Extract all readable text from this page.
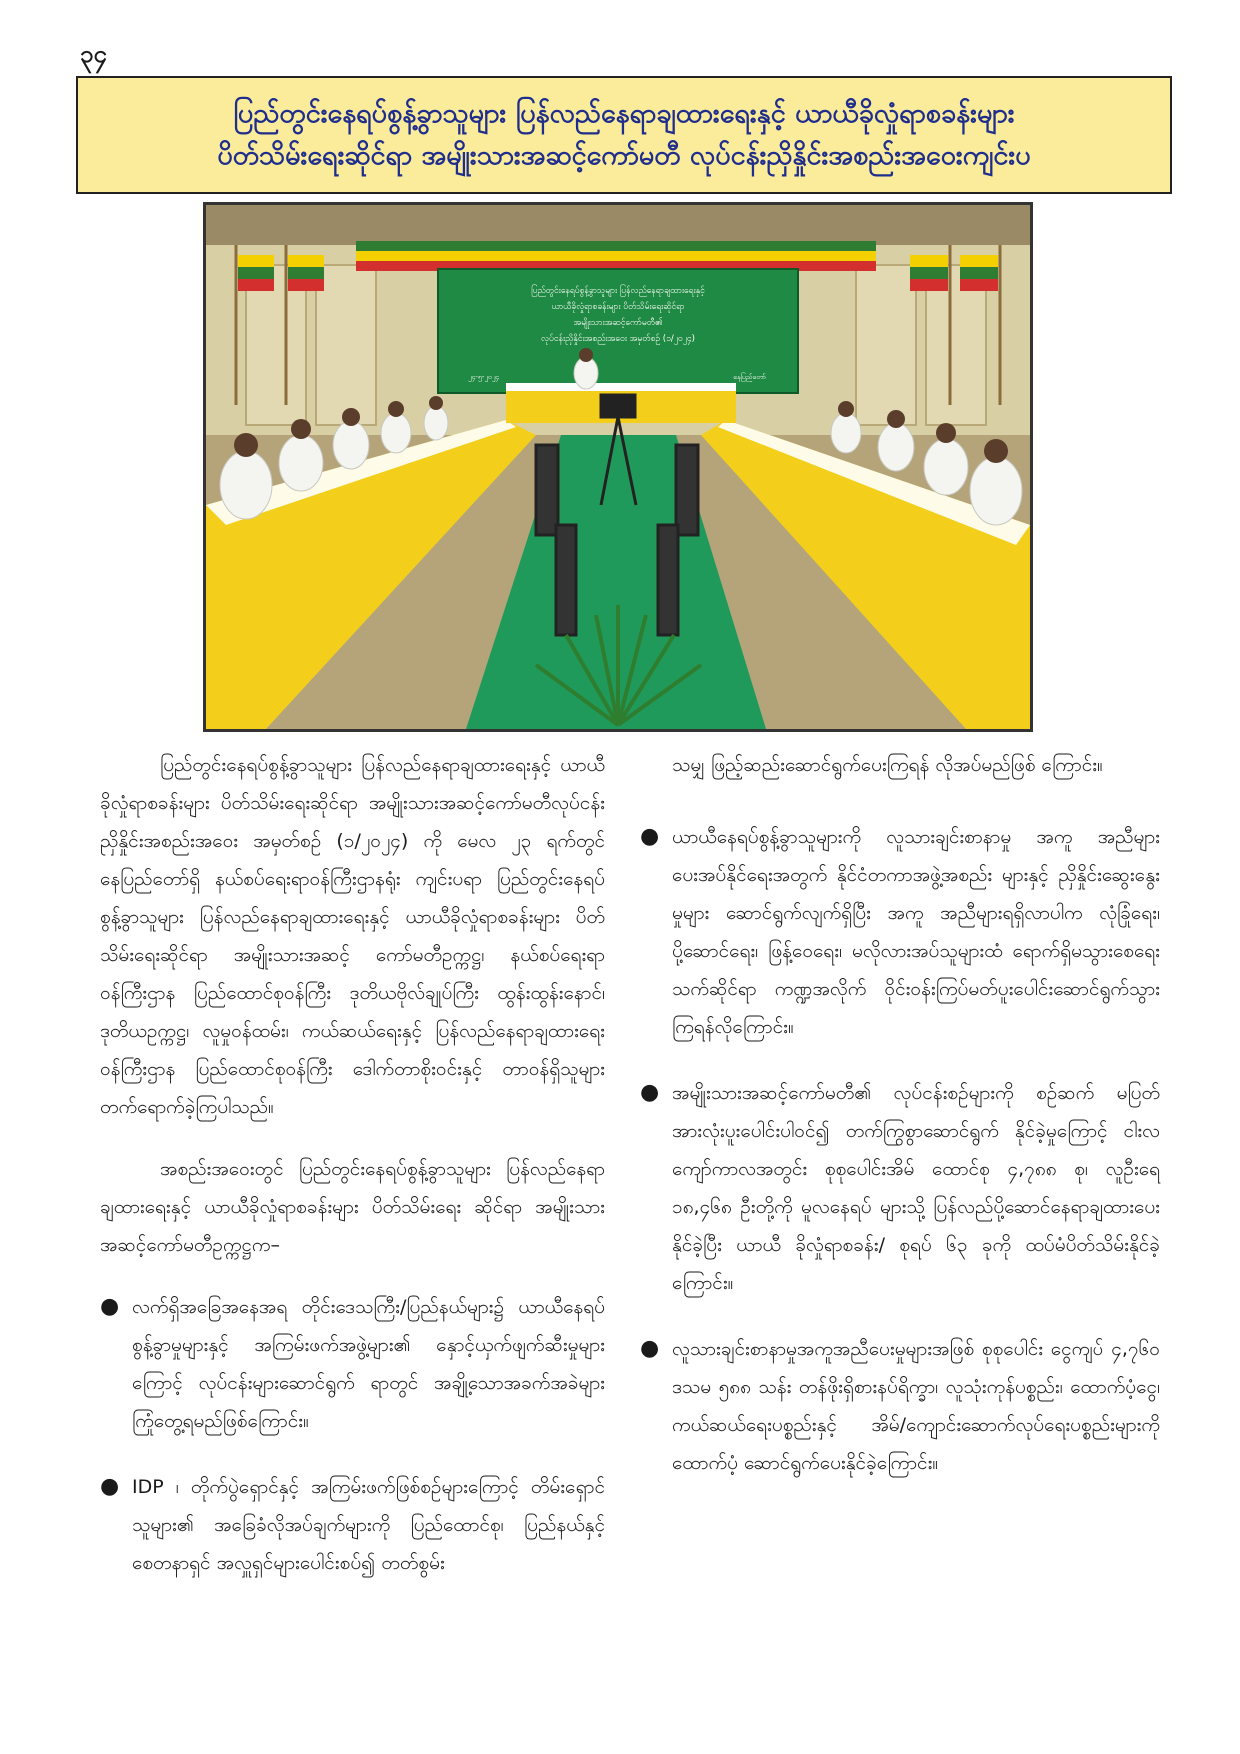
၃၄
ပြည်တွင်းနေရပ်စွန့်ခွာသူများ ပြန်လည်နေရာချထားရေးနှင့် ယာယီခိုလှုံရာစခန်းများ
ပိတ်သိမ်းရေးဆိုင်ရာ အမျိုးသားအဆင့်ကော်မတီ လုပ်ငန်းညှိနှိုင်းအစည်းအဝေးကျင်းပ
ပြည်တွင်းနေရပ်စွန့်ခွာသူများ ပြန်လည်နေရာချထားရေးနှင့်
ယာယီခိုလှုံရာစခန်းများ ပိတ်သိမ်းရေးဆိုင်ရာ
အမျိုးသားအဆင့်ကော်မတီ၏
လုပ်ငန်းညှိနှိုင်းအစည်းအဝေး အမှတ်စဉ် (၁/၂၀၂၄)
၂၄-၅-၂၀၂၄	နေပြည်တော်

ပြည်တွင်းနေရပ်စွန့်ခွာသူများ ပြန်လည်နေရာချထားရေးနှင့် ယာယီခိုလှုံရာစခန်းများ ပိတ်သိမ်းရေးဆိုင်ရာ အမျိုးသားအဆင့်ကော်မတီလုပ်ငန်းညှိနှိုင်းအစည်းအဝေး အမှတ်စဉ် (၁/၂၀၂၄) ကို မေလ ၂၃ ရက်တွင် နေပြည်တော်ရှိ နယ်စပ်ရေးရာဝန်ကြီးဌာနရုံး ကျင်းပရာ ပြည်တွင်းနေရပ်စွန့်ခွာသူများ ပြန်လည်နေရာချထားရေးနှင့် ယာယီခိုလှုံရာစခန်းများ ပိတ်သိမ်းရေးဆိုင်ရာ အမျိုးသားအဆင့် ကော်မတီဥက္ကဋ္ဌ၊ နယ်စပ်ရေးရာဝန်ကြီးဌာန ပြည်ထောင်စုဝန်ကြီး ဒုတိယဗိုလ်ချုပ်ကြီး ထွန်းထွန်းနောင်၊ ဒုတိယဥက္ကဋ္ဌ၊ လူမှုဝန်ထမ်း၊ ကယ်ဆယ်ရေးနှင့် ပြန်လည်နေရာချထားရေးဝန်ကြီးဌာန ပြည်ထောင်စုဝန်ကြီး ဒေါက်တာစိုးဝင်းနှင့် တာဝန်ရှိသူများ တက်ရောက်ခဲ့ကြပါသည်။

အစည်းအဝေးတွင် ပြည်တွင်းနေရပ်စွန့်ခွာသူများ ပြန်လည်နေရာချထားရေးနှင့် ယာယီခိုလှုံရာစခန်းများ ပိတ်သိမ်းရေး ဆိုင်ရာ အမျိုးသားအဆင့်ကော်မတီဥက္ကဋ္ဌက–

● လက်ရှိအခြေအနေအရ တိုင်းဒေသကြီး/ပြည်နယ်များ၌ ယာယီနေရပ်စွန့်ခွာမှုများနှင့် အကြမ်းဖက်အဖွဲ့များ၏ နှောင့်ယှက်ဖျက်ဆီးမှုများကြောင့် လုပ်ငန်းများဆောင်ရွက် ရာတွင် အချို့သောအခက်အခဲများကြုံတွေ့ရမည်ဖြစ်ကြောင်း။
● IDP ၊ တိုက်ပွဲရှောင်နှင့် အကြမ်းဖက်ဖြစ်စဉ်များကြောင့် တိမ်းရှောင်သူများ၏ အခြေခံလိုအပ်ချက်များကို ပြည်ထောင်စု၊ ပြည်နယ်နှင့်စေတနာရှင် အလှူရှင်များပေါင်းစပ်၍ တတ်စွမ်း

သမျှ ဖြည့်ဆည်းဆောင်ရွက်ပေးကြရန် လိုအပ်မည်ဖြစ် ကြောင်း။

● ယာယီနေရပ်စွန့်ခွာသူများကို လူသားချင်းစာနာမှု အကူ အညီများ ပေးအပ်နိုင်ရေးအတွက် နိုင်ငံတကာအဖွဲ့အစည်း များနှင့် ညှိနှိုင်းဆွေးနွေးမှုများ ဆောင်ရွက်လျက်ရှိပြီး အကူ အညီများရရှိလာပါက လုံခြုံရေး၊ ပို့ဆောင်ရေး၊ ဖြန့်ဝေရေး၊ မလိုလားအပ်သူများထံ ရောက်ရှိမသွားစေရေး သက်ဆိုင်ရာ ကဏ္ဍအလိုက် ဝိုင်းဝန်းကြပ်မတ်ပူးပေါင်းဆောင်ရွက်သွား ကြရန်လိုကြောင်း။
● အမျိုးသားအဆင့်ကော်မတီ၏ လုပ်ငန်းစဉ်များကို စဉ်ဆက် မပြတ် အားလုံးပူးပေါင်းပါဝင်၍ တက်ကြွစွာဆောင်ရွက် နိုင်ခဲ့မှုကြောင့် ငါးလကျော်ကာလအတွင်း စုစုပေါင်းအိမ် ထောင်စု ၄,၇၈၈ စု၊ လူဦးရေ ၁၈,၄၆၈ ဦးတို့ကို မူလနေရပ် များသို့ ပြန်လည်ပို့ဆောင်နေရာချထားပေးနိုင်ခဲ့ပြီး ယာယီ ခိုလှုံရာစခန်း/ စုရပ် ၆၃ ခုကို ထပ်မံပိတ်သိမ်းနိုင်ခဲ့ကြောင်း။
● လူသားချင်းစာနာမှုအကူအညီပေးမှုများအဖြစ် စုစုပေါင်း ငွေကျပ် ၄,၇၆၀ ဒသမ ၅၈၈ သန်း တန်ဖိုးရှိစားနပ်ရိက္ခာ၊ လူသုံးကုန်ပစ္စည်း၊ ထောက်ပံ့ငွေ၊ ကယ်ဆယ်ရေးပစ္စည်းနှင့် အိမ်/ကျောင်းဆောက်လုပ်ရေးပစ္စည်းများကို ထောက်ပံ့ ဆောင်ရွက်ပေးနိုင်ခဲ့ကြောင်း။
